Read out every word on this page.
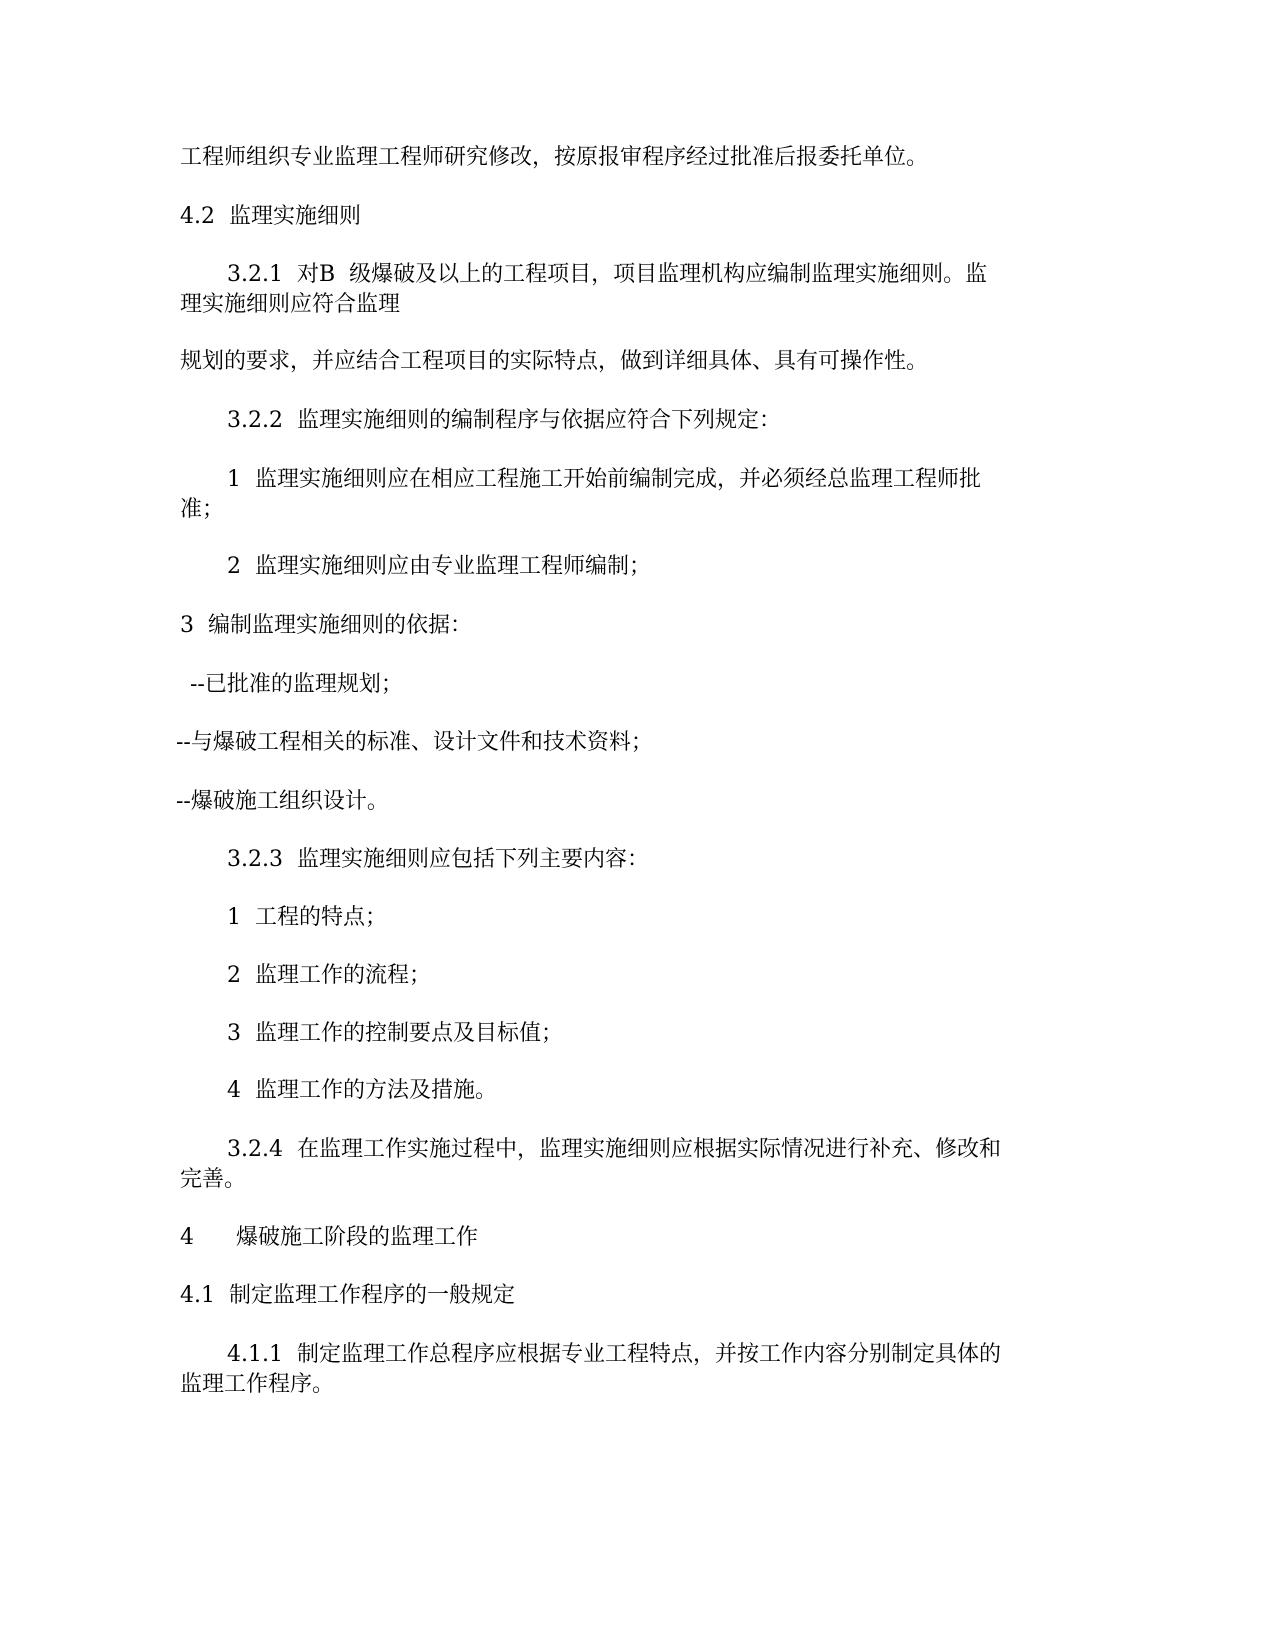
工程师组织专业监理工程师研究修改，按原报审程序经过批准后报委托单位。

4.2  监理实施细则

3.2.1  对B  级爆破及以上的工程项目，项目监理机构应编制监理实施细则。监

理实施细则应符合监理

规划的要求，并应结合工程项目的实际特点，做到详细具体、具有可操作性。

3.2.2  监理实施细则的编制程序与依据应符合下列规定：

1  监理实施细则应在相应工程施工开始前编制完成，并必须经总监理工程师批

准；

2  监理实施细则应由专业监理工程师编制；

3  编制监理实施细则的依据：

--已批准的监理规划；

--与爆破工程相关的标准、设计文件和技术资料；

--爆破施工组织设计。

3.2.3  监理实施细则应包括下列主要内容：

1  工程的特点；

2  监理工作的流程；

3  监理工作的控制要点及目标值；

4  监理工作的方法及措施。

3.2.4  在监理工作实施过程中，监理实施细则应根据实际情况进行补充、修改和

完善。

4      爆破施工阶段的监理工作

4.1  制定监理工作程序的一般规定

4.1.1  制定监理工作总程序应根据专业工程特点，并按工作内容分别制定具体的

监理工作程序。
